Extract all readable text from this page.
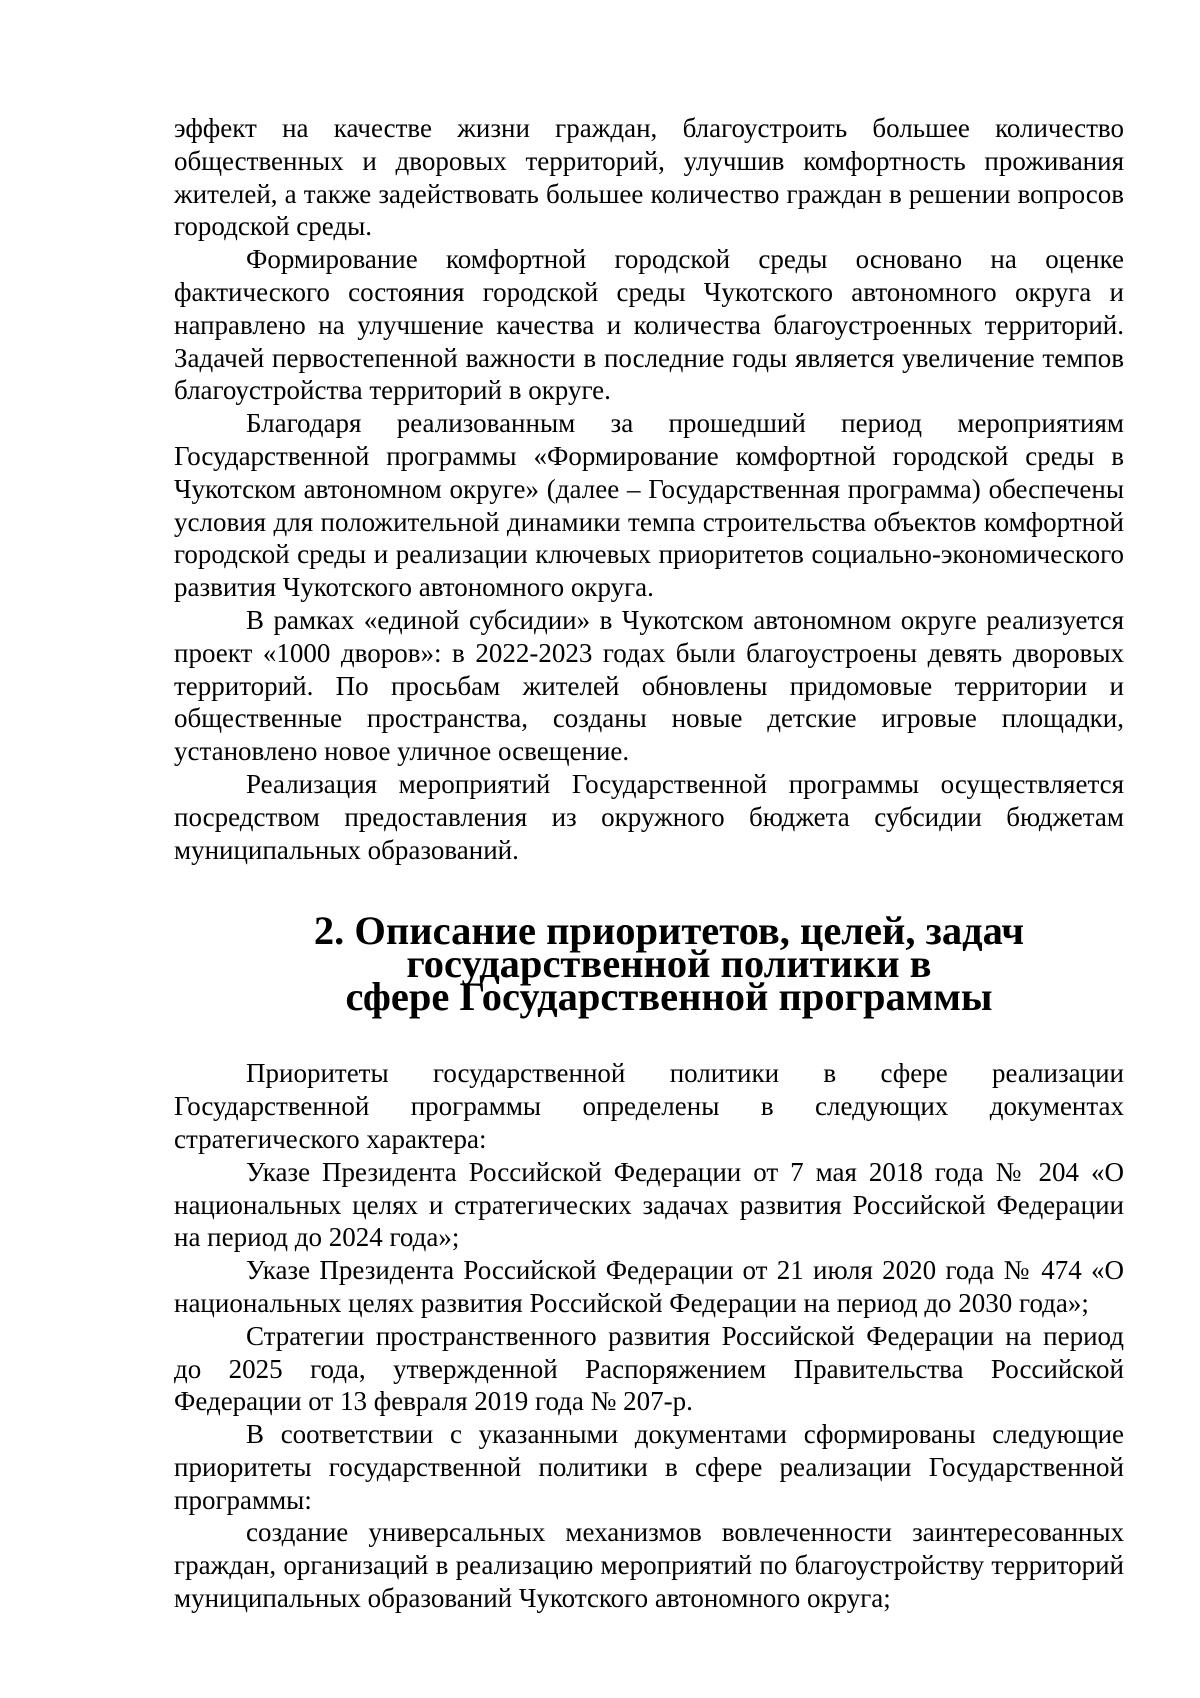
эффект на качестве жизни граждан, благоустроить большее количество общественных и дворовых территорий, улучшив комфортность проживания жителей, а также задействовать большее количество граждан в решении вопросов городской среды.

Формирование комфортной городской среды основано на оценке фактического состояния городской среды Чукотского автономного округа и направлено на улучшение качества и количества благоустроенных территорий. Задачей первостепенной важности в последние годы является увеличение темпов благоустройства территорий в округе.

Благодаря реализованным за прошедший период мероприятиям Государственной программы «Формирование комфортной городской среды в Чукотском автономном округе» (далее – Государственная программа) обеспечены условия для положительной динамики темпа строительства объектов комфортной городской среды и реализации ключевых приоритетов социально-экономического развития Чукотского автономного округа.

В рамках «единой субсидии» в Чукотском автономном округе реализуется проект «1000 дворов»: в 2022-2023 годах были благоустроены девять дворовых территорий. По просьбам жителей обновлены придомовые территории и общественные пространства, созданы новые детские игровые площадки, установлено новое уличное освещение.

Реализация мероприятий Государственной программы осуществляется посредством предоставления из окружного бюджета субсидии бюджетам муниципальных образований.

2. Описание приоритетов, целей, задач государственной политики в
сфере Государственной программы

Приоритеты государственной политики в сфере реализации Государственной программы определены в следующих документах стратегического характера:

Указе Президента Российской Федерации от 7 мая 2018 года № 204 «О национальных целях и стратегических задачах развития Российской Федерации на период до 2024 года»;

Указе Президента Российской Федерации от 21 июля 2020 года № 474 «О национальных целях развития Российской Федерации на период до 2030 года»;

Стратегии пространственного развития Российской Федерации на период до 2025 года, утвержденной Распоряжением Правительства Российской Федерации от 13 февраля 2019 года № 207-р.

В соответствии с указанными документами сформированы следующие приоритеты государственной политики в сфере реализации Государственной программы:

создание универсальных механизмов вовлеченности заинтересованных граждан, организаций в реализацию мероприятий по благоустройству территорий муниципальных образований Чукотского автономного округа;
